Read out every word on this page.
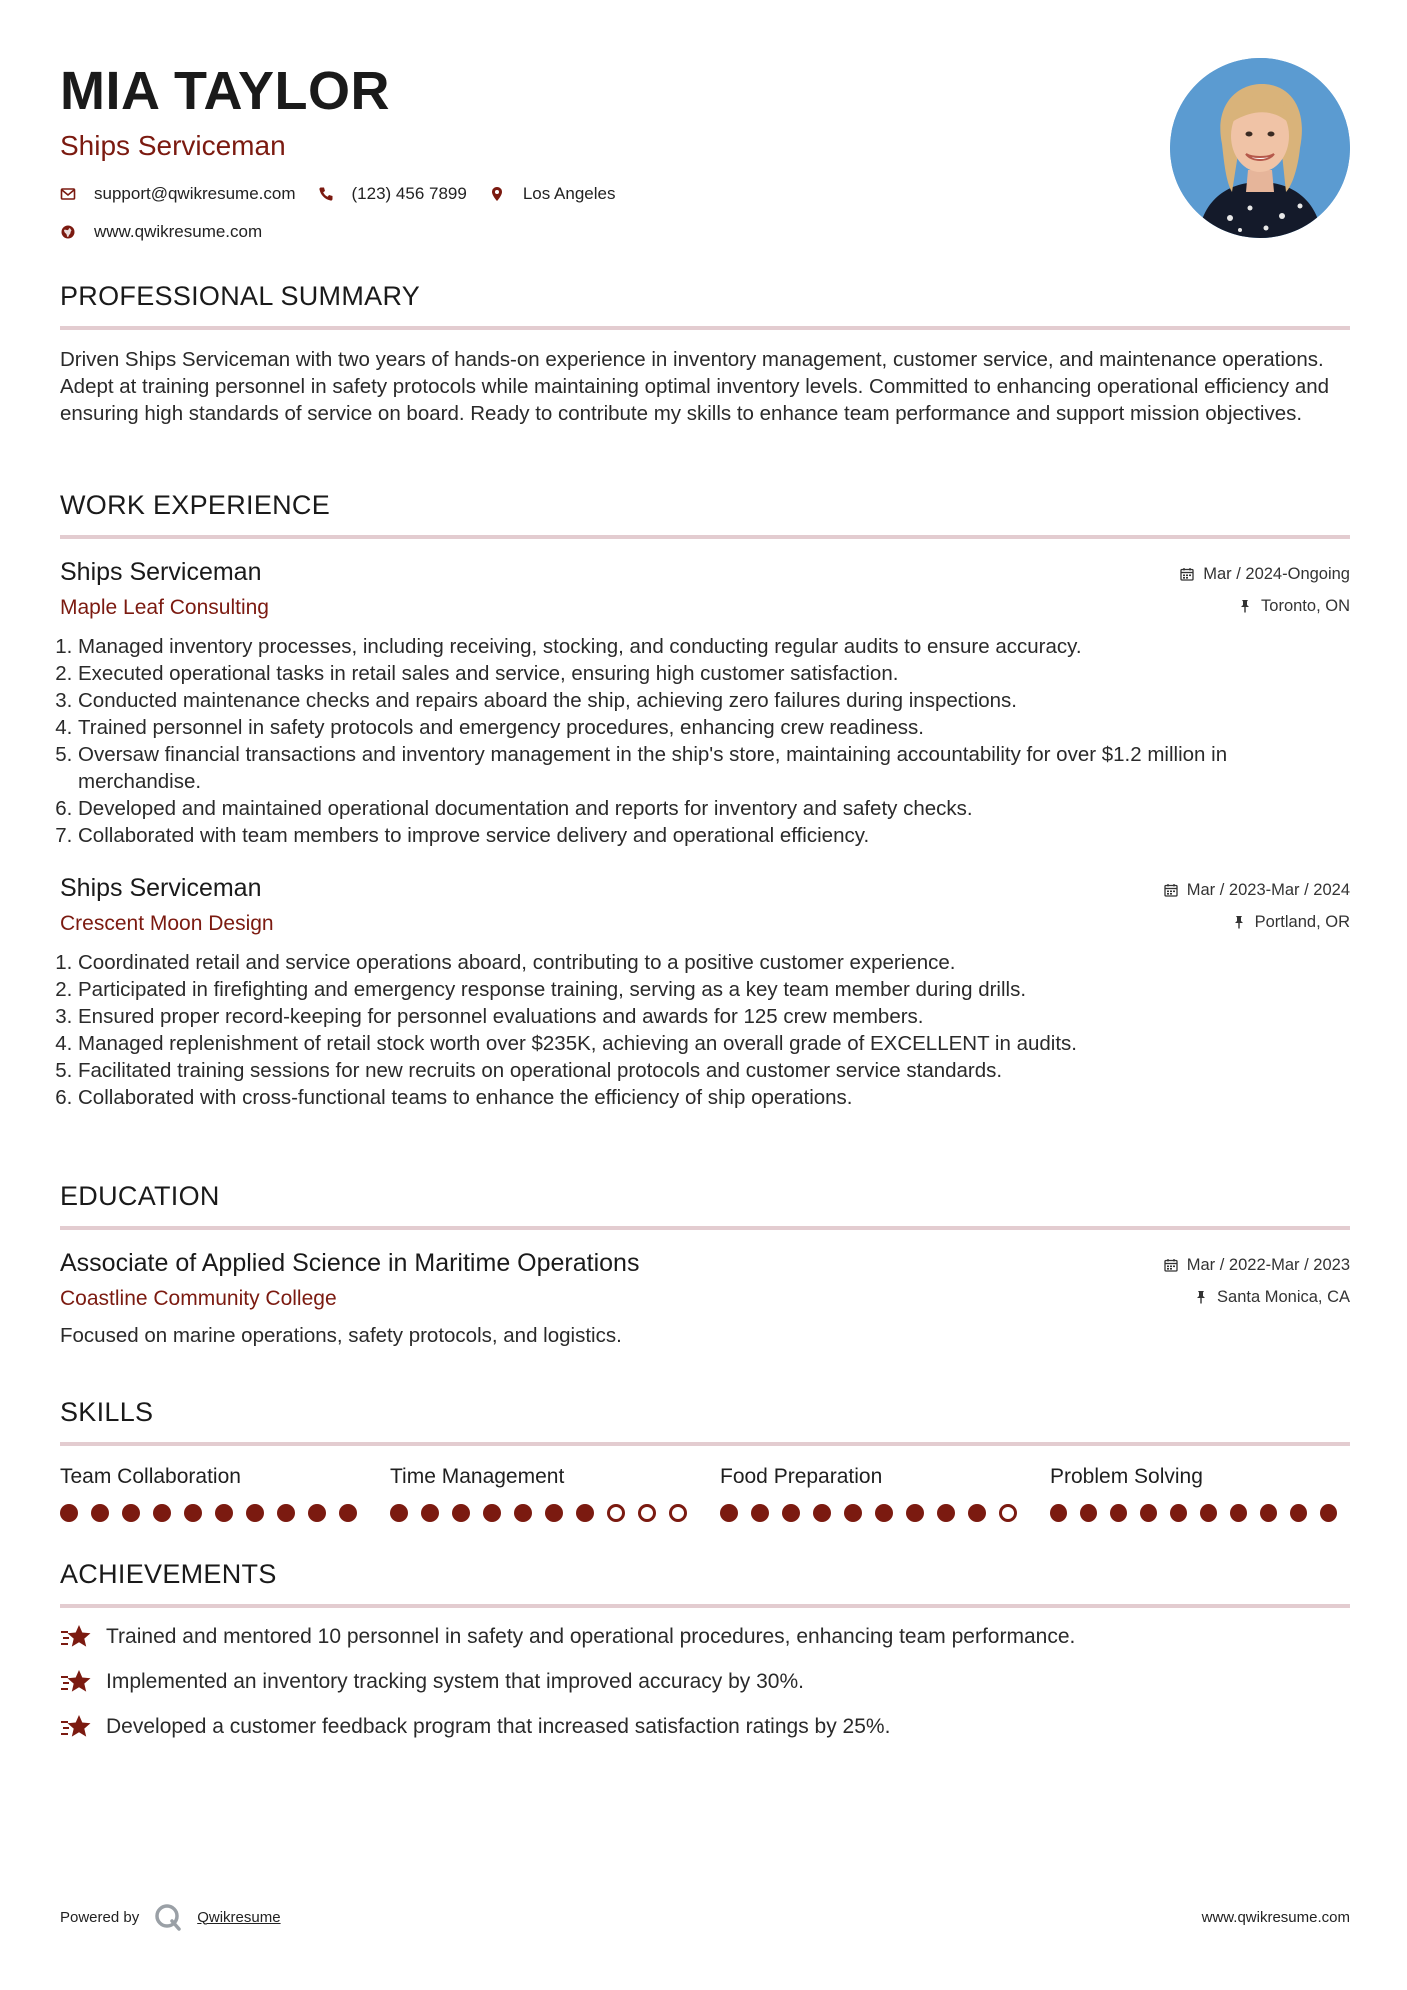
MIA TAYLOR
Ships Serviceman
support@qwikresume.com	(123) 456 7899	Los Angeles
www.qwikresume.com
PROFESSIONAL SUMMARY
Driven Ships Serviceman with two years of hands-on experience in inventory management, customer service, and maintenance operations. Adept at training personnel in safety protocols while maintaining optimal inventory levels. Committed to enhancing operational efficiency and ensuring high standards of service on board. Ready to contribute my skills to enhance team performance and support mission objectives.
WORK EXPERIENCE
Ships Serviceman
Maple Leaf Consulting
Mar / 2024-Ongoing
Toronto, ON
1. Managed inventory processes, including receiving, stocking, and conducting regular audits to ensure accuracy.
2. Executed operational tasks in retail sales and service, ensuring high customer satisfaction.
3. Conducted maintenance checks and repairs aboard the ship, achieving zero failures during inspections.
4. Trained personnel in safety protocols and emergency procedures, enhancing crew readiness.
5. Oversaw financial transactions and inventory management in the ship's store, maintaining accountability for over $1.2 million in merchandise.
6. Developed and maintained operational documentation and reports for inventory and safety checks.
7. Collaborated with team members to improve service delivery and operational efficiency.
Ships Serviceman
Crescent Moon Design
Mar / 2023-Mar / 2024
Portland, OR
1. Coordinated retail and service operations aboard, contributing to a positive customer experience.
2. Participated in firefighting and emergency response training, serving as a key team member during drills.
3. Ensured proper record-keeping for personnel evaluations and awards for 125 crew members.
4. Managed replenishment of retail stock worth over $235K, achieving an overall grade of EXCELLENT in audits.
5. Facilitated training sessions for new recruits on operational protocols and customer service standards.
6. Collaborated with cross-functional teams to enhance the efficiency of ship operations.
EDUCATION
Associate of Applied Science in Maritime Operations
Coastline Community College
Mar / 2022-Mar / 2023
Santa Monica, CA
Focused on marine operations, safety protocols, and logistics.
SKILLS
Team Collaboration	Time Management	Food Preparation	Problem Solving
ACHIEVEMENTS
Trained and mentored 10 personnel in safety and operational procedures, enhancing team performance.
Implemented an inventory tracking system that improved accuracy by 30%.
Developed a customer feedback program that increased satisfaction ratings by 25%.
Powered by	Qwikresume	www.qwikresume.com
